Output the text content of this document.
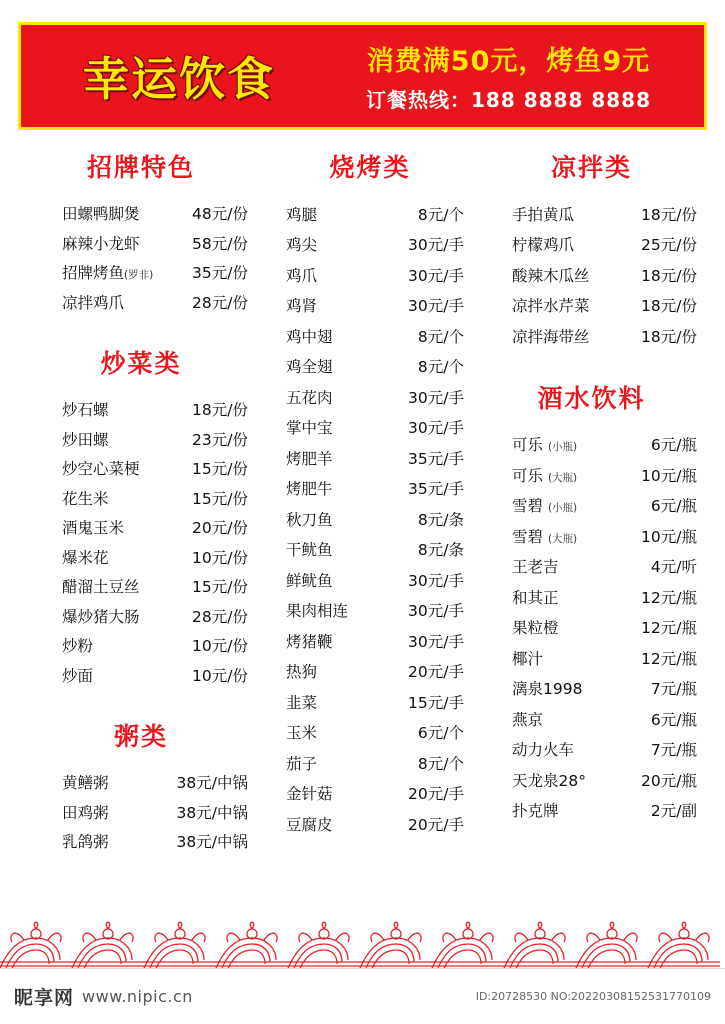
幸运饮食	消费满50元，烤鱼9元
订餐热线：188 8888 8888
招牌特色
田螺鸭脚煲	48元/份
麻辣小龙虾	58元/份
招牌烤鱼(罗非)	35元/份
凉拌鸡爪	28元/份
炒菜类
炒石螺	18元/份
炒田螺	23元/份
炒空心菜梗	15元/份
花生米	15元/份
酒鬼玉米	20元/份
爆米花	10元/份
醋溜土豆丝	15元/份
爆炒猪大肠	28元/份
炒粉	10元/份
炒面	10元/份
粥类
黄鳝粥	38元/中锅
田鸡粥	38元/中锅
乳鸽粥	38元/中锅
烧烤类
鸡腿	8元/个
鸡尖	30元/手
鸡爪	30元/手
鸡肾	30元/手
鸡中翅	8元/个
鸡全翅	8元/个
五花肉	30元/手
掌中宝	30元/手
烤肥羊	35元/手
烤肥牛	35元/手
秋刀鱼	8元/条
干鱿鱼	8元/条
鲜鱿鱼	30元/手
果肉相连	30元/手
烤猪鞭	30元/手
热狗	20元/手
韭菜	15元/手
玉米	6元/个
茄子	8元/个
金针菇	20元/手
豆腐皮	20元/手
凉拌类
手拍黄瓜	18元/份
柠檬鸡爪	25元/份
酸辣木瓜丝	18元/份
凉拌水芹菜	18元/份
凉拌海带丝	18元/份
酒水饮料
可乐 (小瓶)	6元/瓶
可乐 (大瓶)	10元/瓶
雪碧 (小瓶)	6元/瓶
雪碧 (大瓶)	10元/瓶
王老吉	4元/听
和其正	12元/瓶
果粒橙	12元/瓶
椰汁	12元/瓶
漓泉1998	7元/瓶
燕京	6元/瓶
动力火车	7元/瓶
天龙泉28°	20元/瓶
扑克牌	2元/副
昵享网 www.nipic.cn	ID:20728530 NO:20220308152531770109
